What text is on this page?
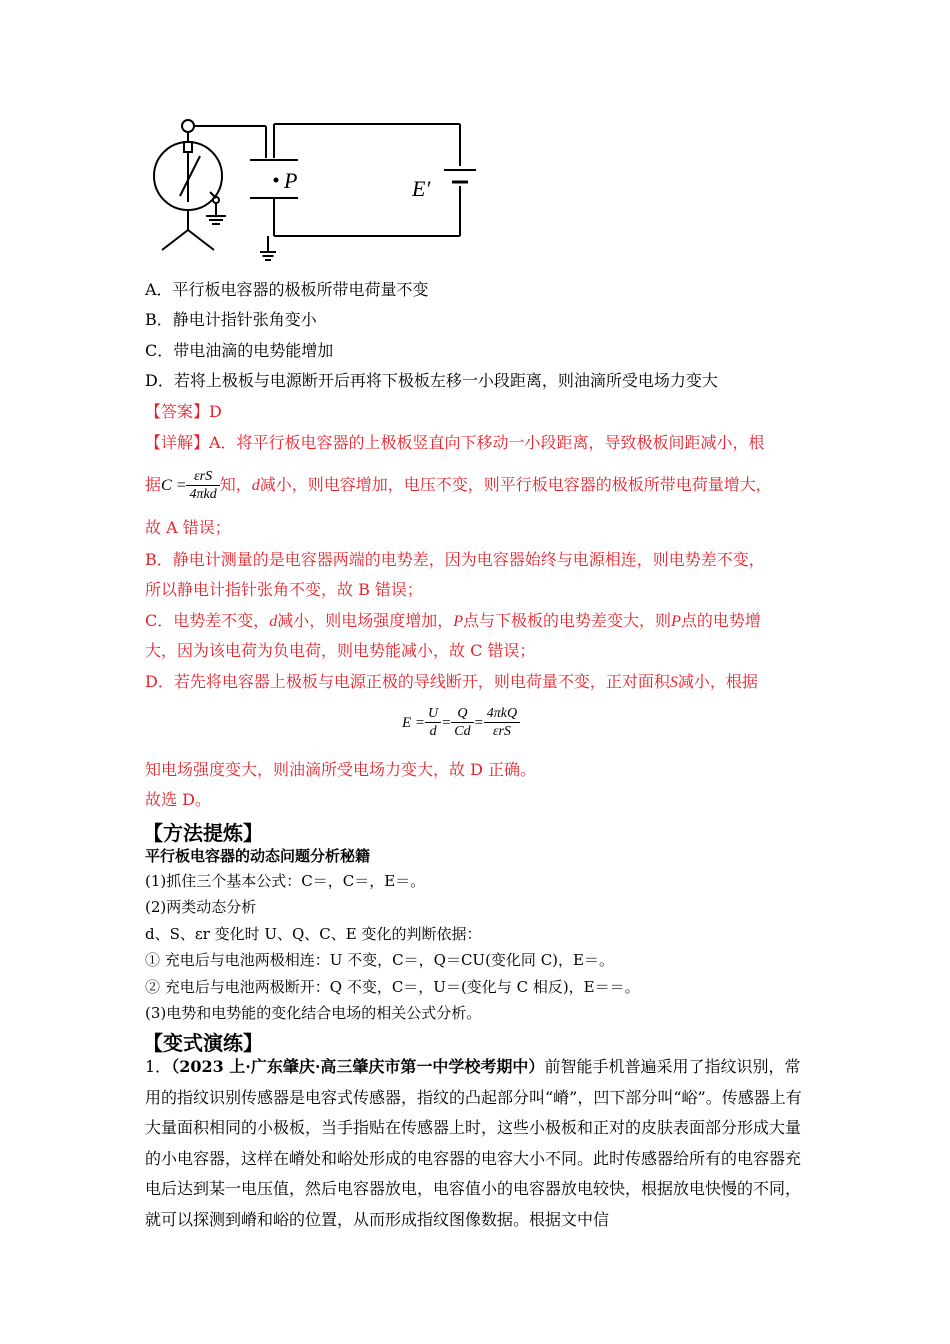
P	E′
A．平行板电容器的极板所带电荷量不变
B．静电计指针张角变小
C．带电油滴的电势能增加
D．若将上极板与电源断开后再将下极板左移一小段距离，则油滴所受电场力变大
【答案】D
【详解】A．将平行板电容器的上极板竖直向下移动一小段距离，导致极板间距减小，根
据$C = \frac{\text{εrS}}{\text{4πkd}}$ 知，d减小，则电容增加，电压不变，则平行板电容器的极板所带电荷量增大，
故 A 错误；
B．静电计测量的是电容器两端的电势差，因为电容器始终与电源相连，则电势差不变，
所以静电计指针张角不变，故 B 错误；
C．电势差不变，d减小，则电场强度增加，P点与下极板的电势差变大，则P点的电势增
大，因为该电荷为负电荷，则电势能减小，故 C 错误；
D．若先将电容器上极板与电源正极的导线断开，则电荷量不变，正对面积S减小，根据
$E = \frac{U}{d} = \frac{Q}{Cd} = \frac{\text{4πkQ}}{\text{εrS}}$
知电场强度变大，则油滴所受电场力变大，故 D 正确。
故选 D。
【方法提炼】
平行板电容器的动态问题分析秘籍
(1)抓住三个基本公式：C＝，C＝，E＝。
(2)两类动态分析
d、S、εr 变化时 U、Q、C、E 变化的判断依据：
① 充电后与电池两极相连：U 不变，C＝，Q＝CU(变化同 C)，E＝。
② 充电后与电池两极断开：Q 不变，C＝，U＝(变化与 C 相反)，E＝＝。
(3)电势和电势能的变化结合电场的相关公式分析。
【变式演练】
1．（2023 上·广东肇庆·高三肇庆市第一中学校考期中）前智能手机普遍采用了指纹识别，常用的指纹识别传感器是电容式传感器，指纹的凸起部分叫“嵴”，凹下部分叫“峪”。传感器上有大量面积相同的小极板，当手指贴在传感器上时，这些小极板和正对的皮肤表面部分形成大量的小电容器，这样在嵴处和峪处形成的电容器的电容大小不同。此时传感器给所有的电容器充电后达到某一电压值，然后电容器放电，电容值小的电容器放电较快，根据放电快慢的不同，就可以探测到嵴和峪的位置，从而形成指纹图像数据。根据文中信
